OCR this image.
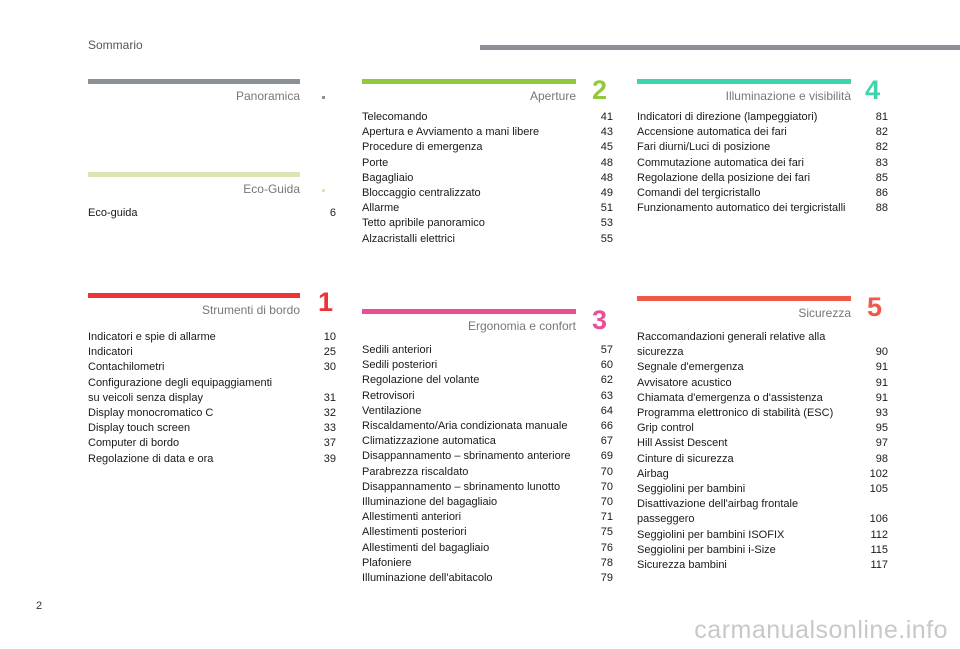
Sommario
Panoramica
Eco-Guida
Eco-guida	6
Strumenti di bordo 1
Indicatori e spie di allarme	10
Indicatori	25
Contachilometri	30
Configurazione degli equipaggiamenti
su veicoli senza display	31
Display monocromatico C	32
Display touch screen	33
Computer di bordo	37
Regolazione di data e ora	39
Aperture 2
Telecomando	41
Apertura e Avviamento a mani libere	43
Procedure di emergenza	45
Porte	48
Bagagliaio	48
Bloccaggio centralizzato	49
Allarme	51
Tetto apribile panoramico	53
Alzacristalli elettrici	55
Ergonomia e confort 3
Sedili anteriori	57
Sedili posteriori	60
Regolazione del volante	62
Retrovisori	63
Ventilazione	64
Riscaldamento/Aria condizionata manuale	66
Climatizzazione automatica	67
Disappannamento – sbrinamento anteriore	69
Parabrezza riscaldato	70
Disappannamento – sbrinamento lunotto	70
Illuminazione del bagagliaio	70
Allestimenti anteriori	71
Allestimenti posteriori	75
Allestimenti del bagagliaio	76
Plafoniere	78
Illuminazione dell'abitacolo	79
Illuminazione e visibilità 4
Indicatori di direzione (lampeggiatori)	81
Accensione automatica dei fari	82
Fari diurni/Luci di posizione	82
Commutazione automatica dei fari	83
Regolazione della posizione dei fari	85
Comandi del tergicristallo	86
Funzionamento automatico dei tergicristalli	88
Sicurezza 5
Raccomandazioni generali relative alla
sicurezza	90
Segnale d'emergenza	91
Avvisatore acustico	91
Chiamata d'emergenza o d'assistenza	91
Programma elettronico di stabilità (ESC)	93
Grip control	95
Hill Assist Descent	97
Cinture di sicurezza	98
Airbag	102
Seggiolini per bambini	105
Disattivazione dell'airbag frontale
passeggero	106
Seggiolini per bambini ISOFIX	112
Seggiolini per bambini i-Size	115
Sicurezza bambini	117
2
carmanualsonline.info
